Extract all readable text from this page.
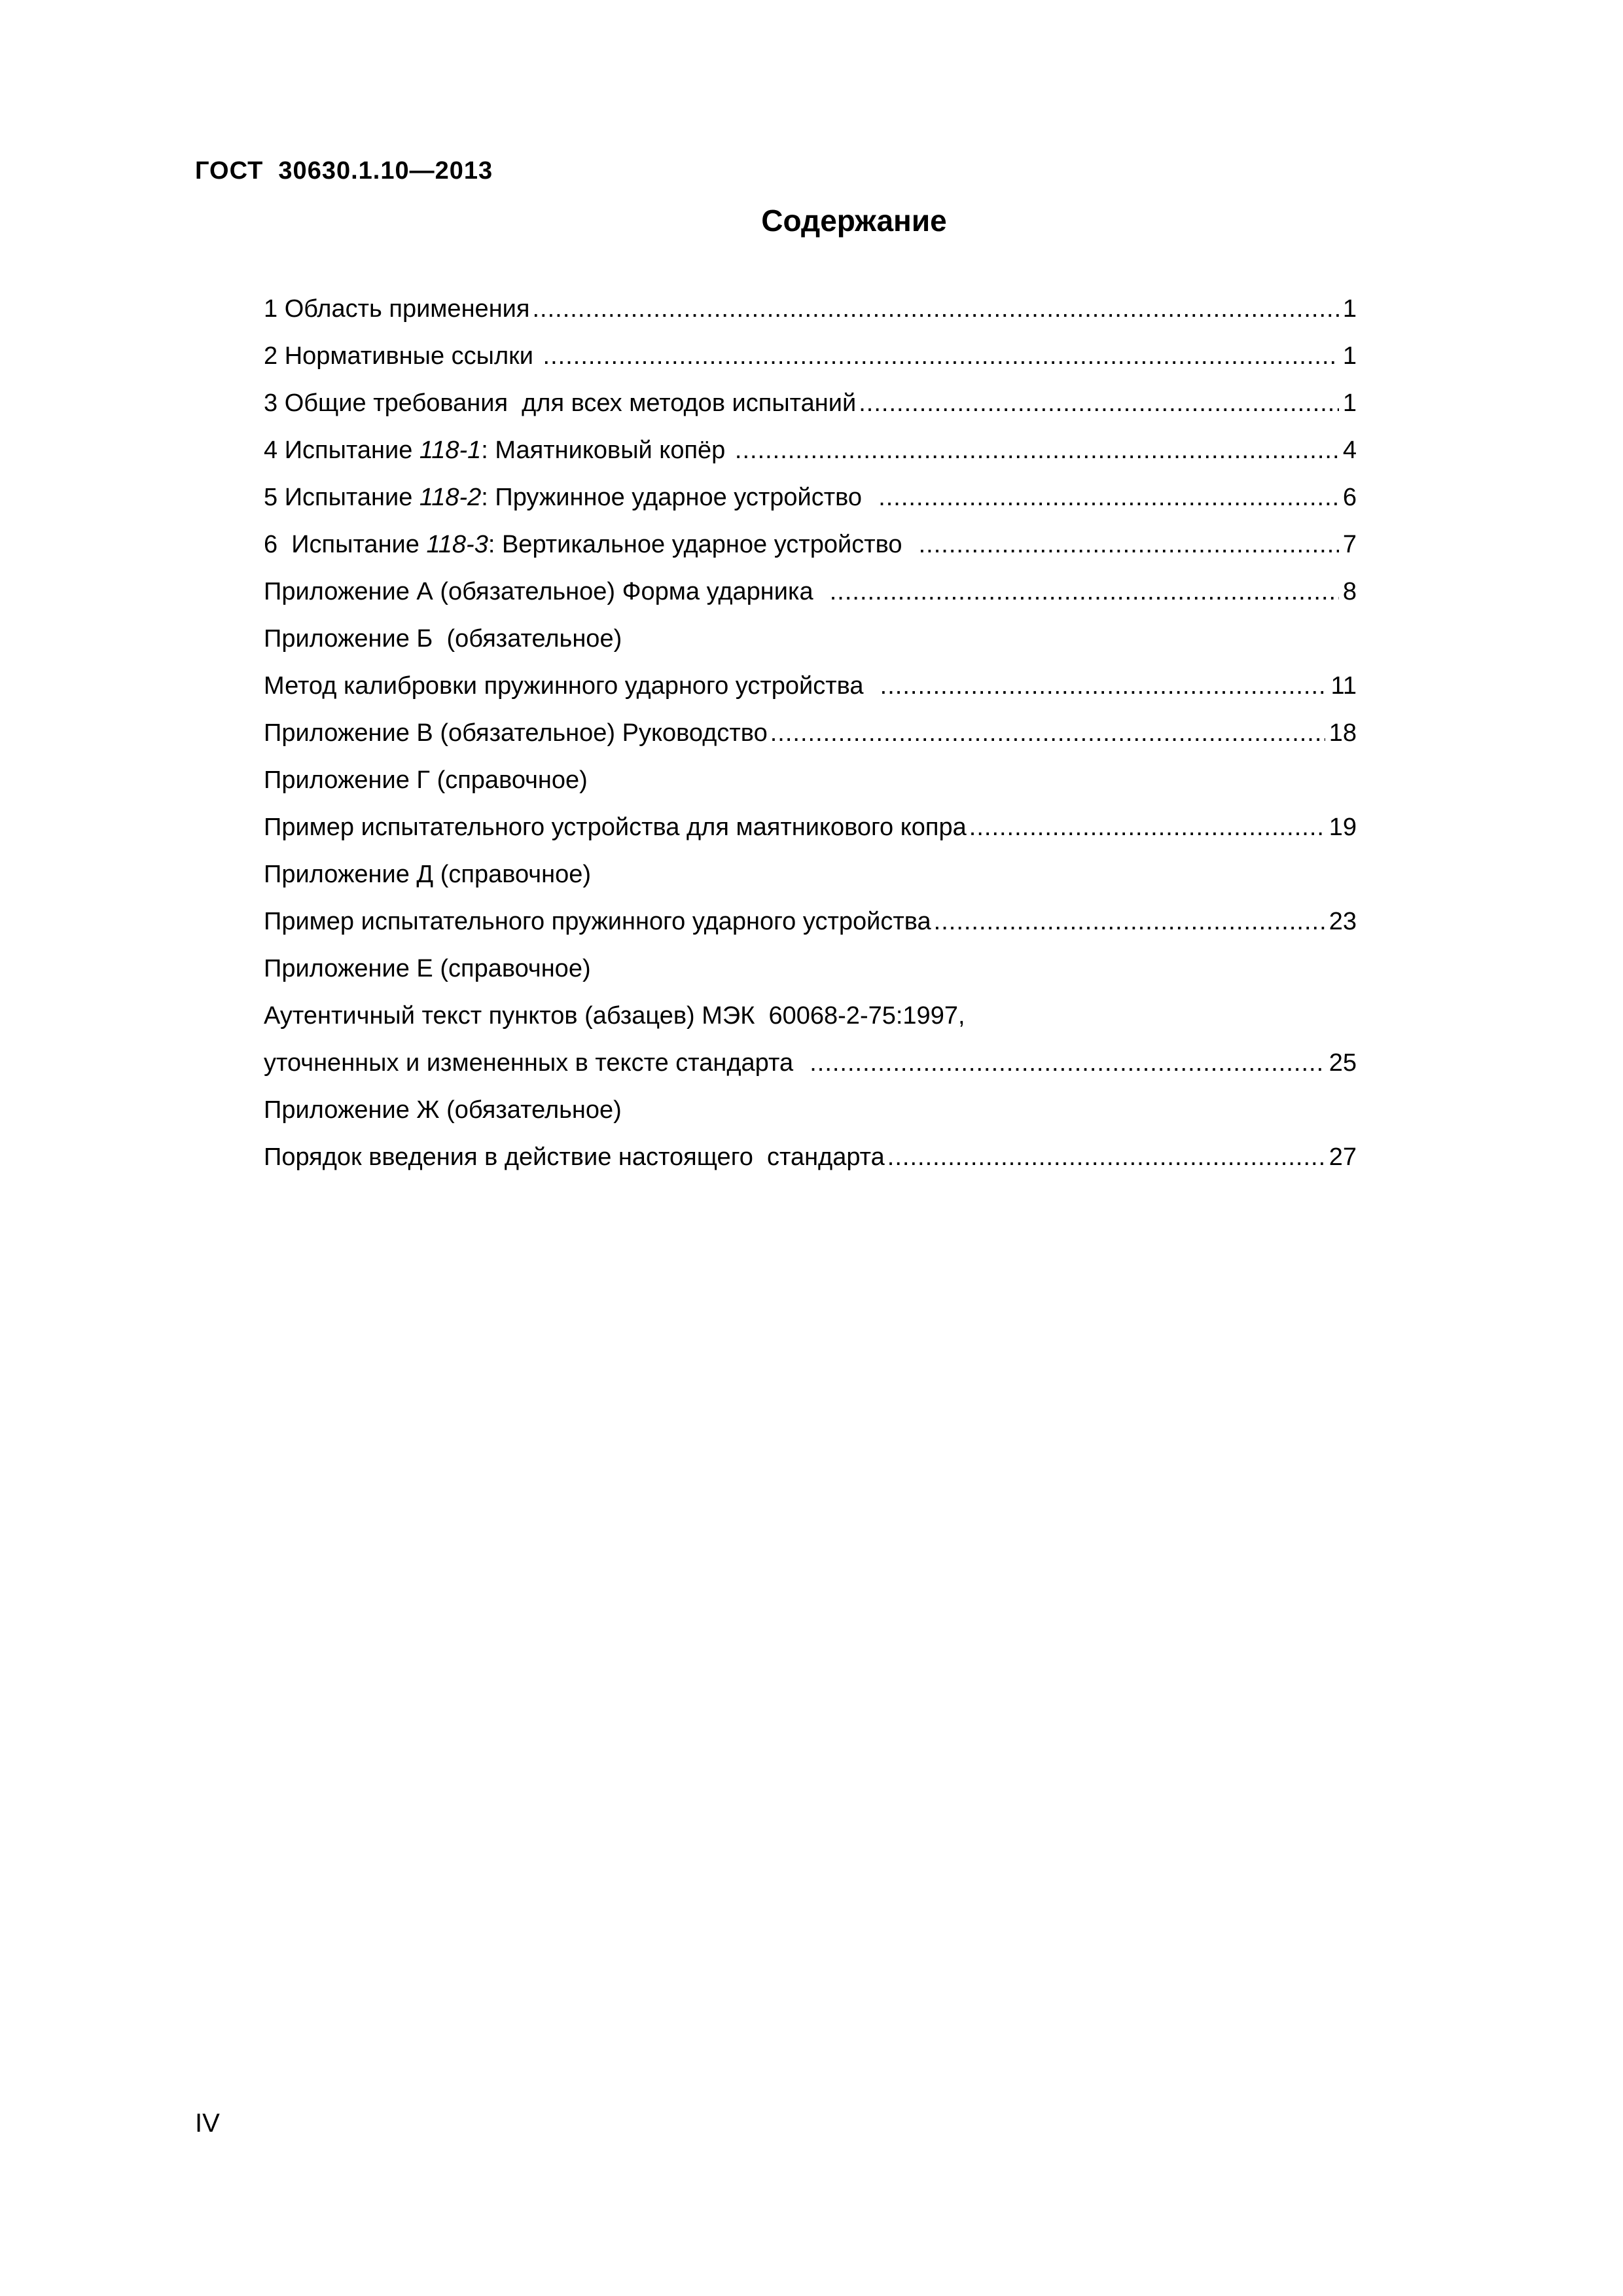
ГОСТ  30630.1.10—2013
Содержание
1 Область применения .....	1
2 Нормативные ссылки .....	1
3 Общие требования  для всех методов испытаний .....	1
4 Испытание 118-1: Маятниковый копёр .....	4
5 Испытание 118-2: Пружинное ударное устройство .....	6
6  Испытание 118-3: Вертикальное ударное устройство .....	7
Приложение А (обязательное) Форма ударника .....	8
Приложение Б  (обязательное)
Метод калибровки пружинного ударного устройства .....	11
Приложение В (обязательное) Руководство .....	18
Приложение Г (справочное)
Пример испытательного устройства для маятникового копра .....	19
Приложение Д (справочное)
Пример испытательного пружинного ударного устройства .....	23
Приложение Е (справочное)
Аутентичный текст пунктов (абзацев) МЭК  60068-2-75:1997,
уточненных и измененных в тексте стандарта .....	25
Приложение Ж (обязательное)
Порядок введения в действие настоящего  стандарта .....	27
IV
